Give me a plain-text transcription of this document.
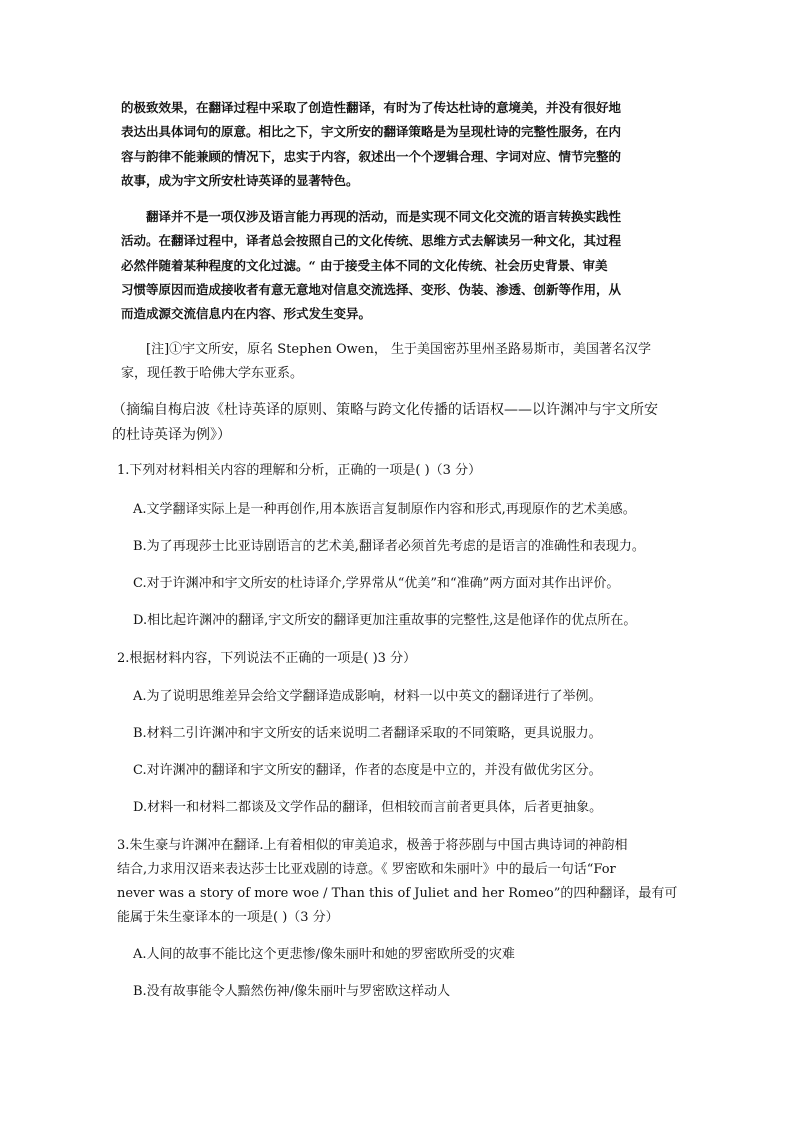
的极致效果，在翻译过程中采取了创造性翻译，有时为了传达杜诗的意境美，并没有很好地
表达出具体词句的原意。相比之下，宇文所安的翻译策略是为呈现杜诗的完整性服务，在内
容与韵律不能兼顾的情况下，忠实于内容，叙述出一个个逻辑合理、字词对应、情节完整的
故事，成为宇文所安杜诗英译的显著特色。
翻译并不是一项仅涉及语言能力再现的活动，而是实现不同文化交流的语言转换实践性
活动。在翻译过程中，译者总会按照自己的文化传统、思维方式去解读另一种文化，其过程
必然伴随着某种程度的文化过滤。“ 由于接受主体不同的文化传统、社会历史背景、审美
习惯等原因而造成接收者有意无意地对信息交流选择、变形、伪装、渗透、创新等作用，从
而造成源交流信息内在内容、形式发生变异。
[注]①宇文所安，原名 Stephen Owen， 生于美国密苏里州圣路易斯市，美国著名汉学
家，现任教于哈佛大学东亚系。
（摘编自梅启波《杜诗英译的原则、策略与跨文化传播的话语权——以许渊冲与宇文所安
的杜诗英译为例》）
1.下列对材料相关内容的理解和分析，正确的一项是( )（3 分）
A.文学翻译实际上是一种再创作,用本族语言复制原作内容和形式,再现原作的艺术美感。
B.为了再现莎士比亚诗剧语言的艺术美,翻译者必须首先考虑的是语言的准确性和表现力。
C.对于许渊冲和宇文所安的杜诗译介,学界常从“优美”和“准确”两方面对其作出评价。
D.相比起许渊冲的翻译,宇文所安的翻译更加注重故事的完整性,这是他译作的优点所在。
2.根据材料内容，下列说法不正确的一项是( )3 分）
A.为了说明思维差异会给文学翻译造成影响，材料一以中英文的翻译进行了举例。
B.材料二引许渊冲和宇文所安的话来说明二者翻译采取的不同策略，更具说服力。
C.对许渊冲的翻译和宇文所安的翻译，作者的态度是中立的，并没有做优劣区分。
D.材料一和材料二都谈及文学作品的翻译，但相较而言前者更具体，后者更抽象。
3.朱生豪与许渊冲在翻译.上有着相似的审美追求，极善于将莎剧与中国古典诗词的神韵相
结合,力求用汉语来表达莎士比亚戏剧的诗意。《 罗密欧和朱丽叶》中的最后一句话“For
never was a story of more woe / Than this of Juliet and her Romeo”的四种翻译，最有可
能属于朱生豪译本的一项是( )（3 分）
A.人间的故事不能比这个更悲惨/像朱丽叶和她的罗密欧所受的灾难
B.没有故事能令人黯然伤神/像朱丽叶与罗密欧这样动人
